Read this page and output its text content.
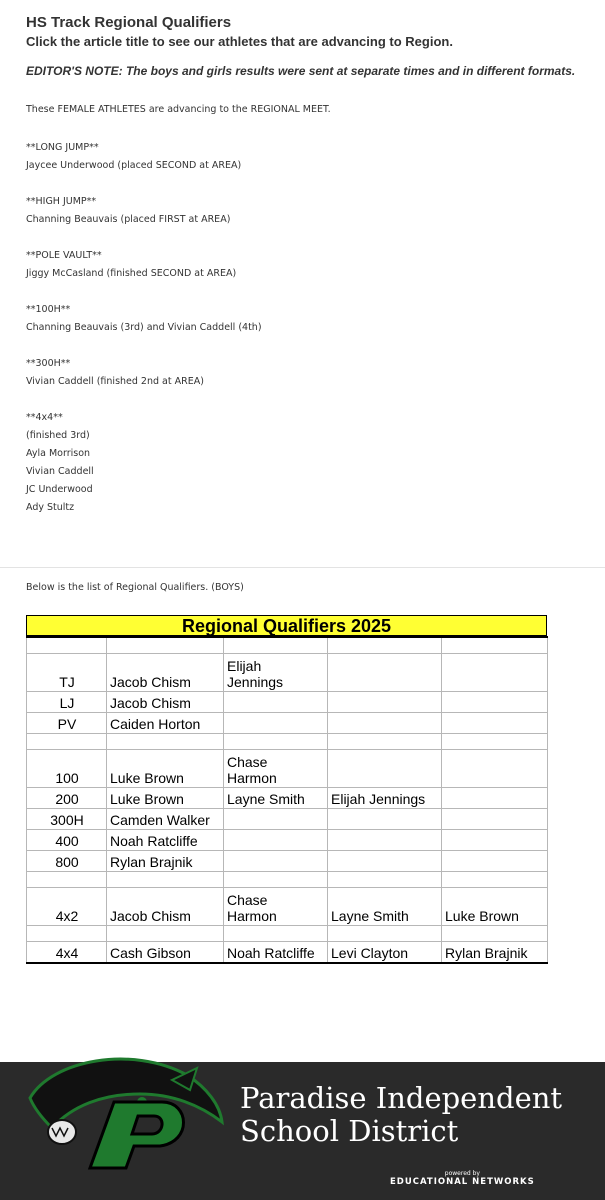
HS Track Regional Qualifiers
Click the article title to see our athletes that are advancing to Region.
EDITOR'S NOTE: The boys and girls results were sent at separate times and in different formats.
These FEMALE ATHLETES are advancing to the REGIONAL MEET.
**LONG JUMP**
Jaycee Underwood (placed SECOND at AREA)
**HIGH JUMP**
Channing Beauvais (placed FIRST at AREA)
**POLE VAULT**
Jiggy McCasland (finished SECOND at AREA)
**100H**
Channing Beauvais (3rd) and Vivian Caddell (4th)
**300H**
Vivian Caddell (finished 2nd at AREA)
**4x4**
(finished 3rd)
Ayla Morrison
Vivian Caddell
JC Underwood
Ady Stultz
Below is the list of Regional Qualifiers. (BOYS)
Regional Qualifiers 2025

TJ	Jacob Chism	Elijah
Jennings		
LJ	Jacob Chism			
PV	Caiden Horton			

100	Luke Brown	Chase
Harmon		
200	Luke Brown	Layne Smith	Elijah Jennings	
300H	Camden Walker			
400	Noah Ratcliffe			
800	Rylan Brajnik			

4x2	Jacob Chism	Chase
Harmon	Layne Smith	Luke Brown

4x4	Cash Gibson	Noah Ratcliffe	Levi Clayton	Rylan Brajnik
Paradise Independent
School District
powered by
EDUCATIONAL NETWORKS
